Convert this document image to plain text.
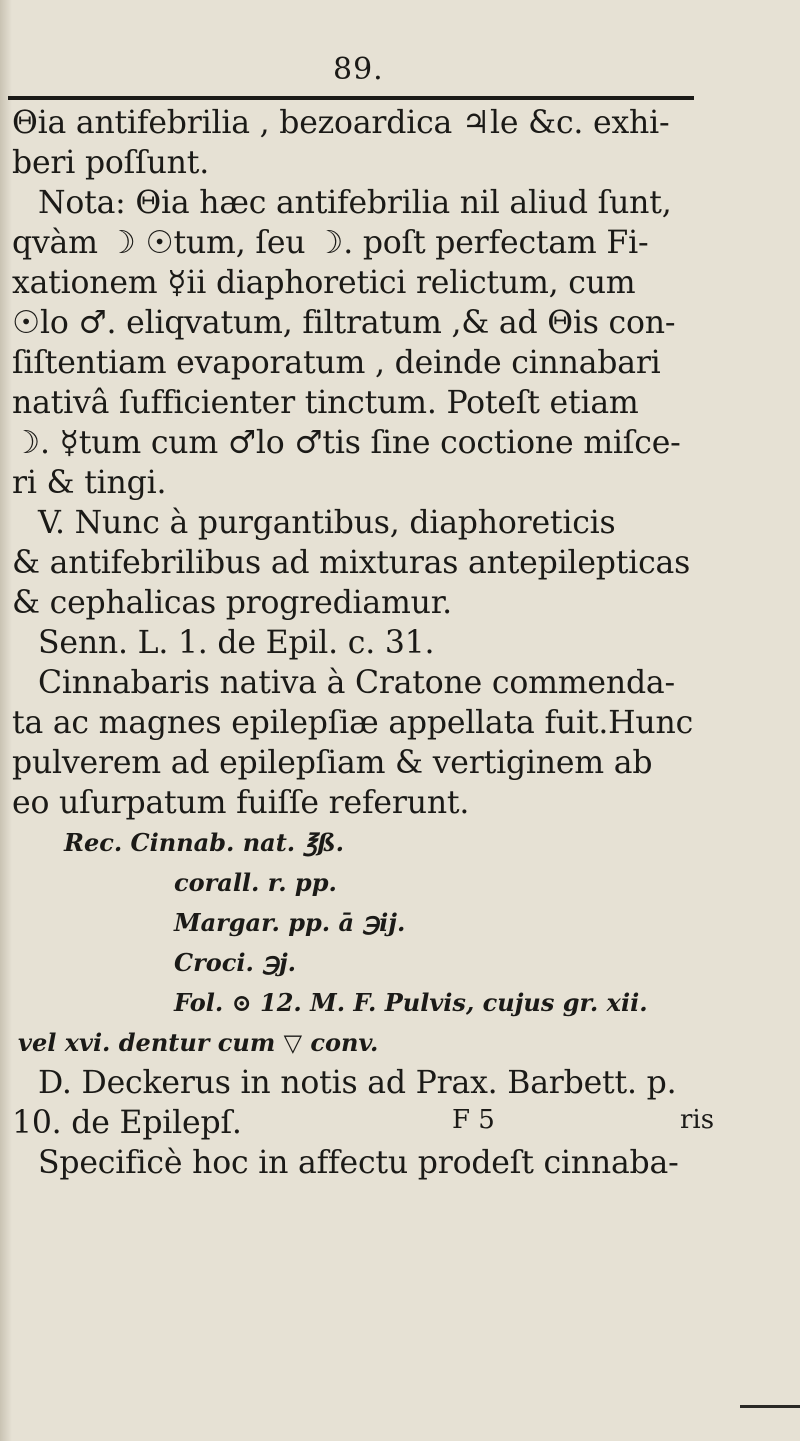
89.
Θia antifebrilia , bezoardica ♃le &c. exhi-
beri poſſunt.
Nota: Θia hæc antifebrilia nil aliud ſunt,
qvàm ☽ ☉tum, ſeu ☽. poſt perfectam Fi-
xationem ☿ii diaphoretici relictum, cum
☉lo ♂. eliqvatum, filtratum ,& ad Θis con-
ſiſtentiam evaporatum , deinde cinnabari
nativâ ſufficienter tinctum. Poteſt etiam
☽. ☿tum cum ♂lo ♂tis ſine coctione miſce-
ri & tingi.
V. Nunc à purgantibus, diaphoreticis
& antifebrilibus ad mixturas antepilepticas
& cephalicas progrediamur.
Senn. L. 1. de Epil. c. 31.
Cinnabaris nativa à Cratone commenda-
ta ac magnes epilepſiæ appellata fuit.Hunc
pulverem ad epilepſiam & vertiginem ab
eo uſurpatum fuiſſe referunt.
Rec. Cinnab. nat. ℥ß.
corall. r. pp.
Margar. pp. ā ℈ij.
Croci. ℈j.
Fol. ⊙ 12. M. F. Pulvis, cujus gr. xii.
vel xvi. dentur cum ▽ conv.
D. Deckerus in notis ad Prax. Barbett. p.
10. de Epilepſ.
Specificè hoc in affectu prodeſt cinnaba-
F 5	ris
